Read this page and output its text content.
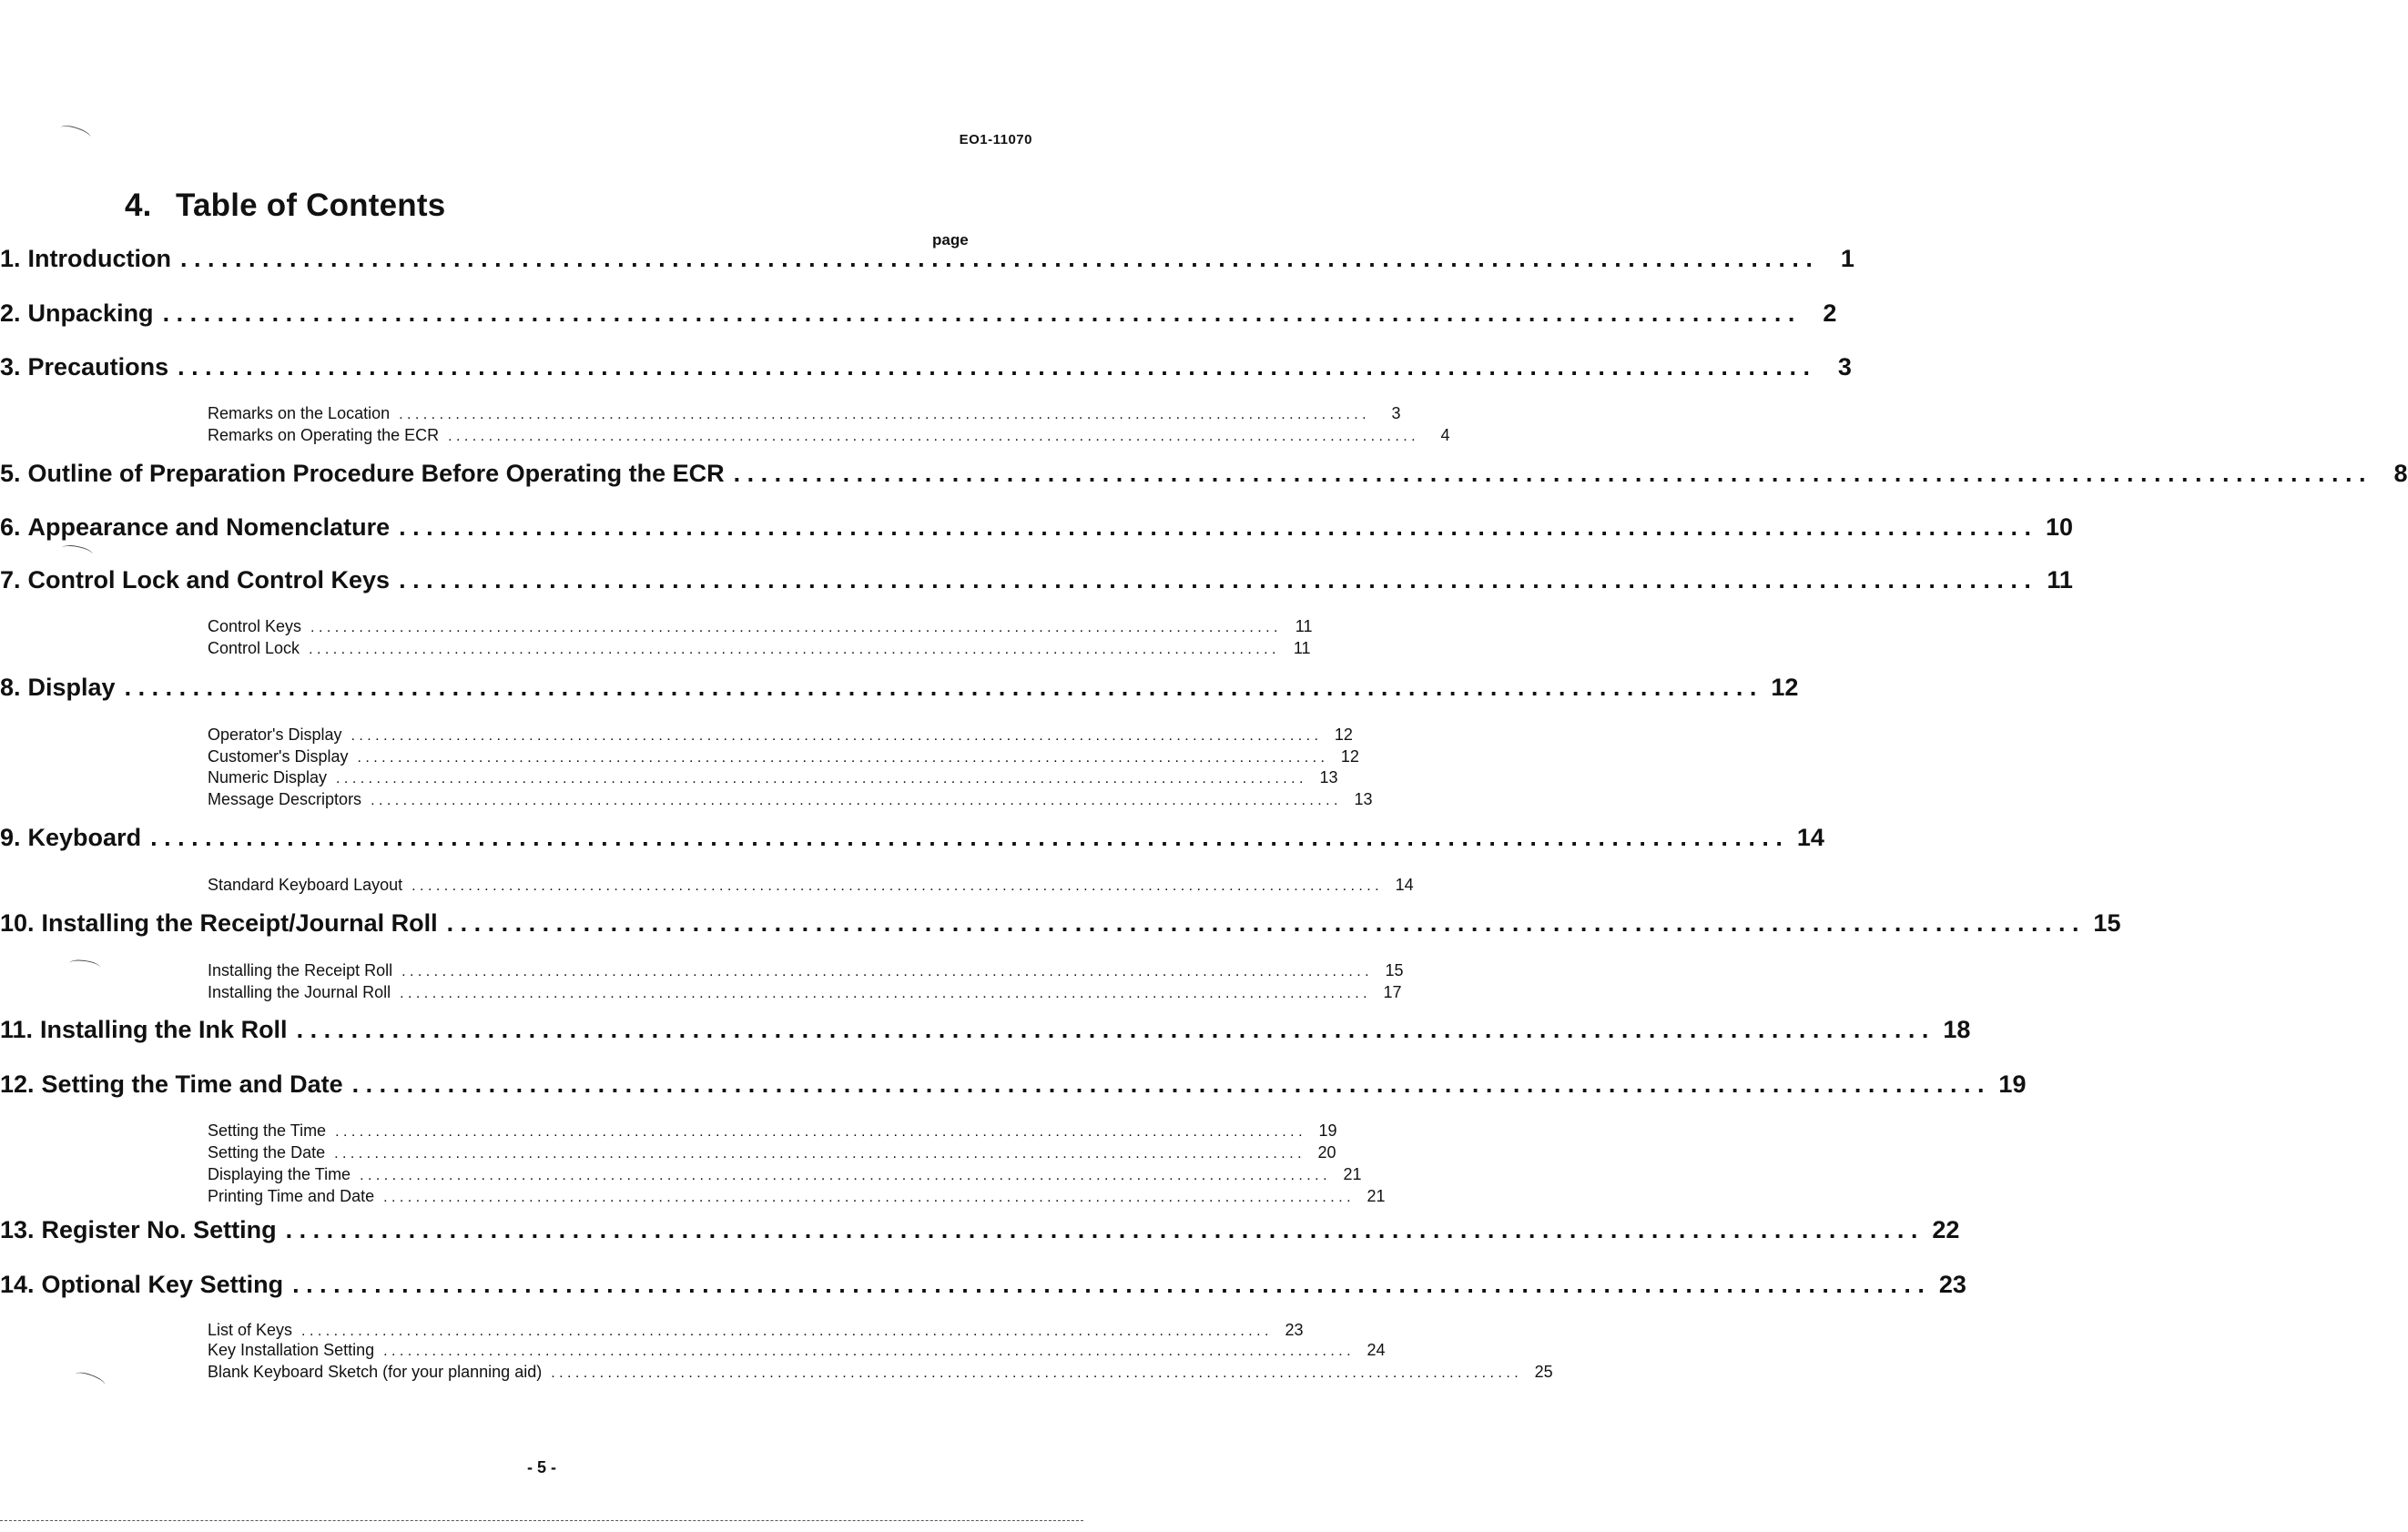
EO1-11070
4. Table of Contents
page
1. Introduction . . . . . . . . . . . . . . . . . . . . . . . . . . . . . . . . . . . . . . . . . . . . . . . . . . . . . . . . . . . . . . . . . . . . . . . . . . . . . . . . . . . . . . . . . . . . . . . . . . . . . . . . . . . . . . . . . . . . . . . .	1
2. Unpacking . . . . . . . . . . . . . . . . . . . . . . . . . . . . . . . . . . . . . . . . . . . . . . . . . . . . . . . . . . . . . . . . . . . . . . . . . . . . . . . . . . . . . . . . . . . . . . . . . . . . . . . . . . . . . . . . . . . . . . . .	2
3. Precautions . . . . . . . . . . . . . . . . . . . . . . . . . . . . . . . . . . . . . . . . . . . . . . . . . . . . . . . . . . . . . . . . . . . . . . . . . . . . . . . . . . . . . . . . . . . . . . . . . . . . . . . . . . . . . . . . . . . . . . . .	3
Remarks on the Location . . . . . . . . . . . . . . . . . . . . . . . . . . . . . . . . . . . . . . . . . . . . . . . . . . . . . . . . . . . . . . . . . . . . . . . . . . . . . . . . . . . . . . . . . . . . . . . . . . . . . . . . . . . . . . . . . . . . . . . .	3
Remarks on Operating the ECR . . . . . . . . . . . . . . . . . . . . . . . . . . . . . . . . . . . . . . . . . . . . . . . . . . . . . . . . . . . . . . . . . . . . . . . . . . . . . . . . . . . . . . . . . . . . . . . . . . . . . . . . . . . . . . . . . . . . . . . .	4
5. Outline of Preparation Procedure Before Operating the ECR . . . . . . . . . . . . . . . . . . . . . . . . . . . . . . . . . . . . . . . . . . . . . . . . . . . . . . . . . . . . . . . . . . . . . . . . . . . . . . . . . . . . . . . . . . . . . . . . . . . . . . . . . . . . . . . . . . . . . . . .	8
6. Appearance and Nomenclature . . . . . . . . . . . . . . . . . . . . . . . . . . . . . . . . . . . . . . . . . . . . . . . . . . . . . . . . . . . . . . . . . . . . . . . . . . . . . . . . . . . . . . . . . . . . . . . . . . . . . . . . . . . . . . . . . . . . . . . . 10
7. Control Lock and Control Keys . . . . . . . . . . . . . . . . . . . . . . . . . . . . . . . . . . . . . . . . . . . . . . . . . . . . . . . . . . . . . . . . . . . . . . . . . . . . . . . . . . . . . . . . . . . . . . . . . . . . . . . . . . . . . . . . . . . . . . . . 11
Control Keys . . . . . . . . . . . . . . . . . . . . . . . . . . . . . . . . . . . . . . . . . . . . . . . . . . . . . . . . . . . . . . . . . . . . . . . . . . . . . . . . . . . . . . . . . . . . . . . . . . . . . . . . . . . . . . . . . . . . . . . .	11
Control Lock . . . . . . . . . . . . . . . . . . . . . . . . . . . . . . . . . . . . . . . . . . . . . . . . . . . . . . . . . . . . . . . . . . . . . . . . . . . . . . . . . . . . . . . . . . . . . . . . . . . . . . . . . . . . . . . . . . . . . . . .	11
8. Display . . . . . . . . . . . . . . . . . . . . . . . . . . . . . . . . . . . . . . . . . . . . . . . . . . . . . . . . . . . . . . . . . . . . . . . . . . . . . . . . . . . . . . . . . . . . . . . . . . . . . . . . . . . . . . . . . . . . . . . . 12
Operator's Display . . . . . . . . . . . . . . . . . . . . . . . . . . . . . . . . . . . . . . . . . . . . . . . . . . . . . . . . . . . . . . . . . . . . . . . . . . . . . . . . . . . . . . . . . . . . . . . . . . . . . . . . . . . . . . . . . . . . . . . . 12
Customer's Display . . . . . . . . . . . . . . . . . . . . . . . . . . . . . . . . . . . . . . . . . . . . . . . . . . . . . . . . . . . . . . . . . . . . . . . . . . . . . . . . . . . . . . . . . . . . . . . . . . . . . . . . . . . . . . . . . . . . . . . . 12
Numeric Display . . . . . . . . . . . . . . . . . . . . . . . . . . . . . . . . . . . . . . . . . . . . . . . . . . . . . . . . . . . . . . . . . . . . . . . . . . . . . . . . . . . . . . . . . . . . . . . . . . . . . . . . . . . . . . . . . . . . . . . . 13
Message Descriptors . . . . . . . . . . . . . . . . . . . . . . . . . . . . . . . . . . . . . . . . . . . . . . . . . . . . . . . . . . . . . . . . . . . . . . . . . . . . . . . . . . . . . . . . . . . . . . . . . . . . . . . . . . . . . . . . . . . . . . . . 13
9. Keyboard . . . . . . . . . . . . . . . . . . . . . . . . . . . . . . . . . . . . . . . . . . . . . . . . . . . . . . . . . . . . . . . . . . . . . . . . . . . . . . . . . . . . . . . . . . . . . . . . . . . . . . . . . . . . . . . . . . . . . . . . 14
Standard Keyboard Layout . . . . . . . . . . . . . . . . . . . . . . . . . . . . . . . . . . . . . . . . . . . . . . . . . . . . . . . . . . . . . . . . . . . . . . . . . . . . . . . . . . . . . . . . . . . . . . . . . . . . . . . . . . . . . . . . . . . . . . . . 14
10. Installing the Receipt/Journal Roll . . . . . . . . . . . . . . . . . . . . . . . . . . . . . . . . . . . . . . . . . . . . . . . . . . . . . . . . . . . . . . . . . . . . . . . . . . . . . . . . . . . . . . . . . . . . . . . . . . . . . . . . . . . . . . . . . . . . . . . . 15
Installing the Receipt Roll . . . . . . . . . . . . . . . . . . . . . . . . . . . . . . . . . . . . . . . . . . . . . . . . . . . . . . . . . . . . . . . . . . . . . . . . . . . . . . . . . . . . . . . . . . . . . . . . . . . . . . . . . . . . . . . . . . . . . . . . 15
Installing the Journal Roll . . . . . . . . . . . . . . . . . . . . . . . . . . . . . . . . . . . . . . . . . . . . . . . . . . . . . . . . . . . . . . . . . . . . . . . . . . . . . . . . . . . . . . . . . . . . . . . . . . . . . . . . . . . . . . . . . . . . . . . . 17
11. Installing the Ink Roll . . . . . . . . . . . . . . . . . . . . . . . . . . . . . . . . . . . . . . . . . . . . . . . . . . . . . . . . . . . . . . . . . . . . . . . . . . . . . . . . . . . . . . . . . . . . . . . . . . . . . . . . . . . . . . . . . . . . . . . . 18
12. Setting the Time and Date . . . . . . . . . . . . . . . . . . . . . . . . . . . . . . . . . . . . . . . . . . . . . . . . . . . . . . . . . . . . . . . . . . . . . . . . . . . . . . . . . . . . . . . . . . . . . . . . . . . . . . . . . . . . . . . . . . . . . . . . 19
Setting the Time . . . . . . . . . . . . . . . . . . . . . . . . . . . . . . . . . . . . . . . . . . . . . . . . . . . . . . . . . . . . . . . . . . . . . . . . . . . . . . . . . . . . . . . . . . . . . . . . . . . . . . . . . . . . . . . . . . . . . . . . 19
Setting the Date . . . . . . . . . . . . . . . . . . . . . . . . . . . . . . . . . . . . . . . . . . . . . . . . . . . . . . . . . . . . . . . . . . . . . . . . . . . . . . . . . . . . . . . . . . . . . . . . . . . . . . . . . . . . . . . . . . . . . . . . 20
Displaying the Time . . . . . . . . . . . . . . . . . . . . . . . . . . . . . . . . . . . . . . . . . . . . . . . . . . . . . . . . . . . . . . . . . . . . . . . . . . . . . . . . . . . . . . . . . . . . . . . . . . . . . . . . . . . . . . . . . . . . . . . . 21
Printing Time and Date . . . . . . . . . . . . . . . . . . . . . . . . . . . . . . . . . . . . . . . . . . . . . . . . . . . . . . . . . . . . . . . . . . . . . . . . . . . . . . . . . . . . . . . . . . . . . . . . . . . . . . . . . . . . . . . . . . . . . . . . 21
13. Register No. Setting . . . . . . . . . . . . . . . . . . . . . . . . . . . . . . . . . . . . . . . . . . . . . . . . . . . . . . . . . . . . . . . . . . . . . . . . . . . . . . . . . . . . . . . . . . . . . . . . . . . . . . . . . . . . . . . . . . . . . . . . 22
14. Optional Key Setting . . . . . . . . . . . . . . . . . . . . . . . . . . . . . . . . . . . . . . . . . . . . . . . . . . . . . . . . . . . . . . . . . . . . . . . . . . . . . . . . . . . . . . . . . . . . . . . . . . . . . . . . . . . . . . . . . . . . . . . . 23
List of Keys . . . . . . . . . . . . . . . . . . . . . . . . . . . . . . . . . . . . . . . . . . . . . . . . . . . . . . . . . . . . . . . . . . . . . . . . . . . . . . . . . . . . . . . . . . . . . . . . . . . . . . . . . . . . . . . . . . . . . . . . 23
Key Installation Setting . . . . . . . . . . . . . . . . . . . . . . . . . . . . . . . . . . . . . . . . . . . . . . . . . . . . . . . . . . . . . . . . . . . . . . . . . . . . . . . . . . . . . . . . . . . . . . . . . . . . . . . . . . . . . . . . . . . . . . . . 24
Blank Keyboard Sketch (for your planning aid) . . . . . . . . . . . . . . . . . . . . . . . . . . . . . . . . . . . . . . . . . . . . . . . . . . . . . . . . . . . . . . . . . . . . . . . . . . . . . . . . . . . . . . . . . . . . . . . . . . . . . . . . . . . . . . . . . . . . . . . . 25
- 5 -
